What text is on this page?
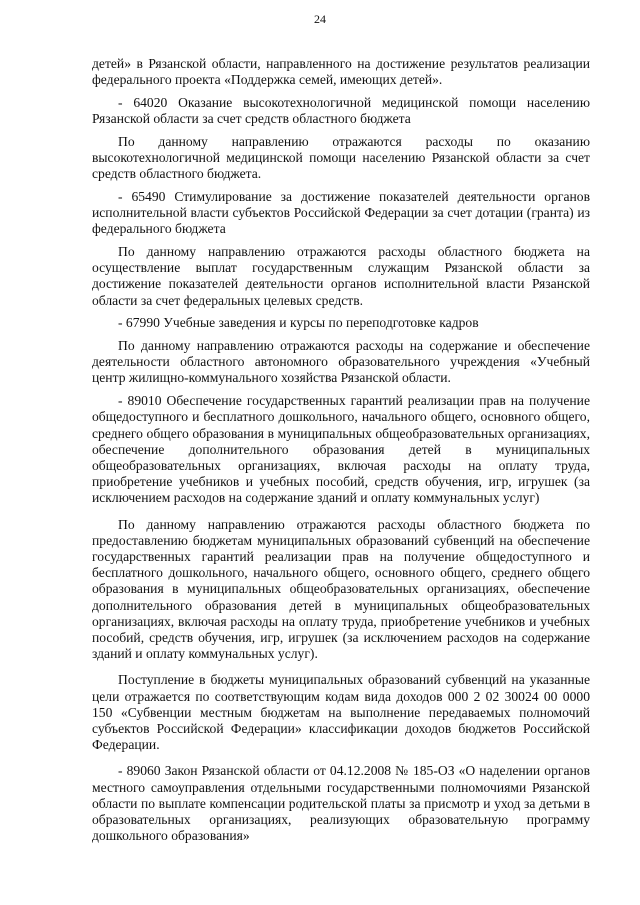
24

детей» в Рязанской области, направленного на достижение результатов реализации федерального проекта «Поддержка семей, имеющих детей».

- 64020 Оказание высокотехнологичной медицинской помощи населению Рязанской области за счет средств областного бюджета

По данному направлению отражаются расходы по оказанию высокотехнологичной медицинской помощи населению Рязанской области за счет средств областного бюджета.

- 65490 Стимулирование за достижение показателей деятельности органов исполнительной власти субъектов Российской Федерации за счет дотации (гранта) из федерального бюджета

По данному направлению отражаются расходы областного бюджета на осуществление выплат государственным служащим Рязанской области за достижение показателей деятельности органов исполнительной власти Рязанской области за счет федеральных целевых средств.

- 67990 Учебные заведения и курсы по переподготовке кадров

По данному направлению отражаются расходы на содержание и обеспечение деятельности областного автономного образовательного учреждения «Учебный центр жилищно-коммунального хозяйства Рязанской области.

- 89010 Обеспечение государственных гарантий реализации прав на получение общедоступного и бесплатного дошкольного, начального общего, основного общего, среднего общего образования в муниципальных общеобразовательных организациях, обеспечение дополнительного образования детей в муниципальных общеобразовательных организациях, включая расходы на оплату труда, приобретение учебников и учебных пособий, средств обучения, игр, игрушек (за исключением расходов на содержание зданий и оплату коммунальных услуг)

По данному направлению отражаются расходы областного бюджета по предоставлению бюджетам муниципальных образований субвенций на обеспечение государственных гарантий реализации прав на получение общедоступного и бесплатного дошкольного, начального общего, основного общего, среднего общего образования в муниципальных общеобразовательных организациях, обеспечение дополнительного образования детей в муниципальных общеобразовательных организациях, включая расходы на оплату труда, приобретение учебников и учебных пособий, средств обучения, игр, игрушек (за исключением расходов на содержание зданий и оплату коммунальных услуг).

Поступление в бюджеты муниципальных образований субвенций на указанные цели отражается по соответствующим кодам вида доходов 000 2 02 30024 00 0000 150 «Субвенции местным бюджетам на выполнение передаваемых полномочий субъектов Российской Федерации» классификации доходов бюджетов Российской Федерации.

- 89060 Закон Рязанской области от 04.12.2008 № 185-ОЗ «О наделении органов местного самоуправления отдельными государственными полномочиями Рязанской области по выплате компенсации родительской платы за присмотр и уход за детьми в образовательных организациях, реализующих образовательную программу дошкольного образования»
